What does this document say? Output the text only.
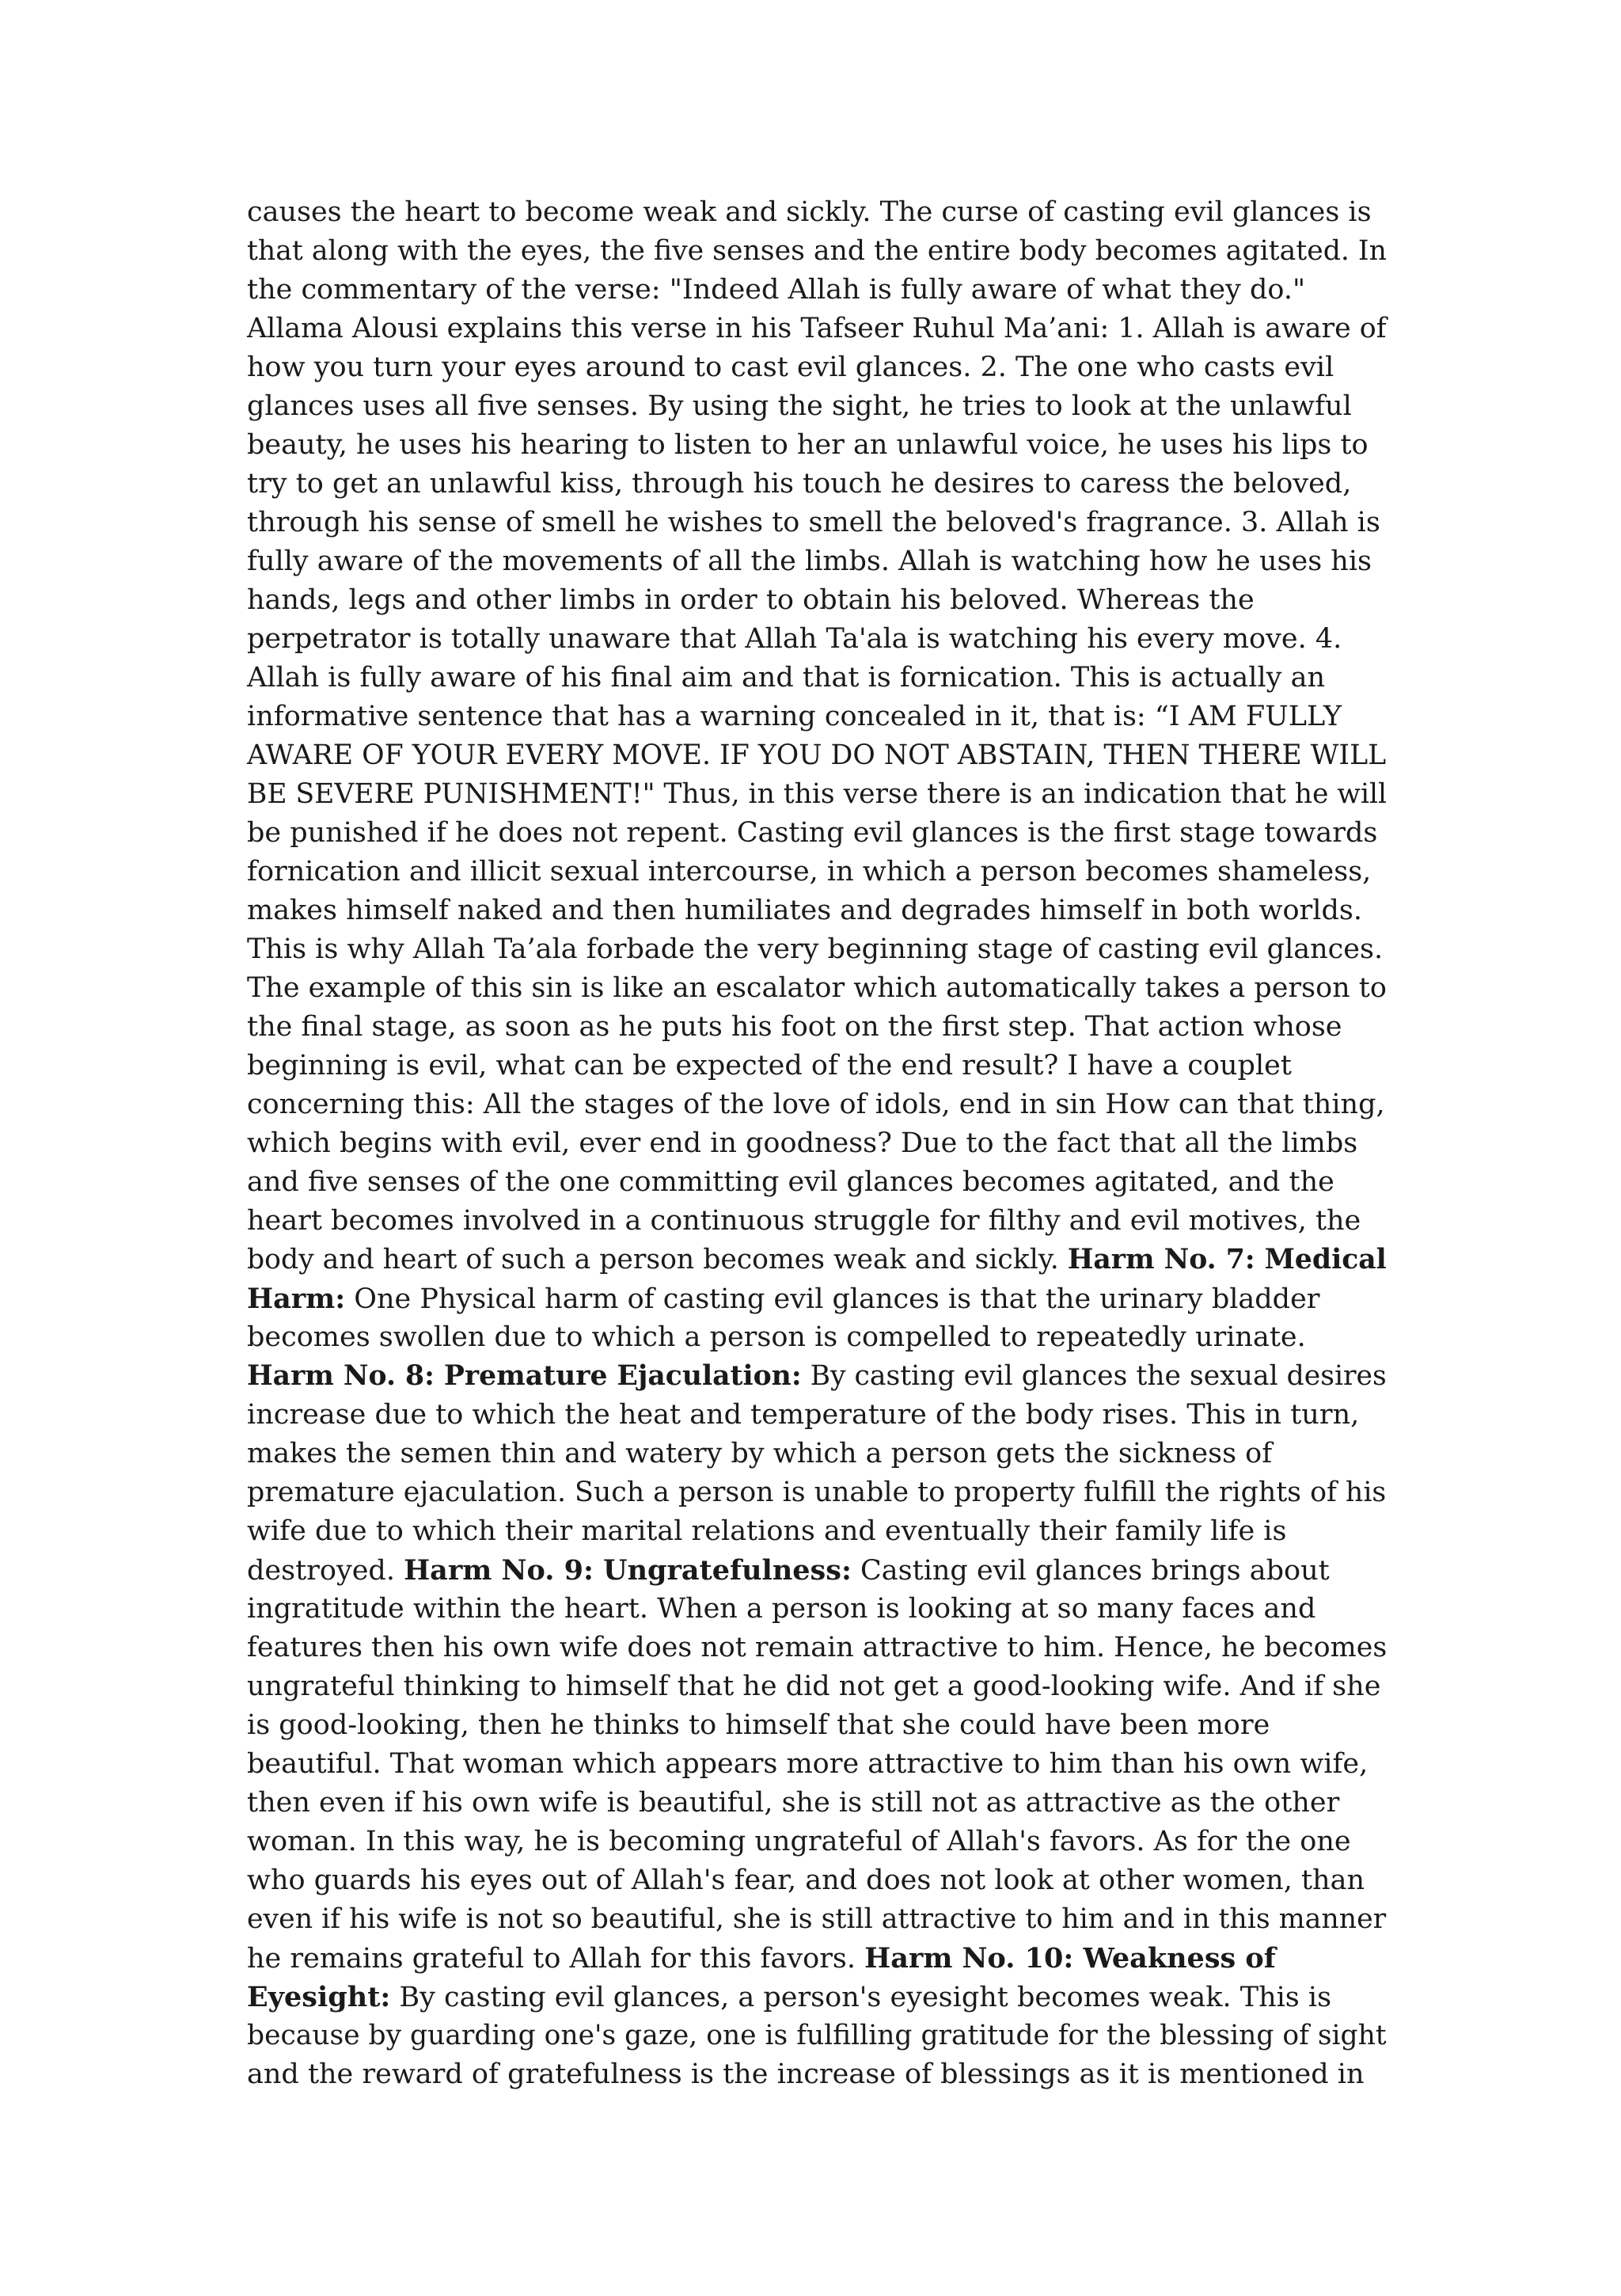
causes the heart to become weak and sickly. The curse of casting evil glances is
that along with the eyes, the five senses and the entire body becomes agitated. In
the commentary of the verse: "Indeed Allah is fully aware of what they do."
Allama Alousi explains this verse in his Tafseer Ruhul Ma’ani: 1. Allah is aware of
how you turn your eyes around to cast evil glances. 2. The one who casts evil
glances uses all five senses. By using the sight, he tries to look at the unlawful
beauty, he uses his hearing to listen to her an unlawful voice, he uses his lips to
try to get an unlawful kiss, through his touch he desires to caress the beloved,
through his sense of smell he wishes to smell the beloved's fragrance. 3. Allah is
fully aware of the movements of all the limbs. Allah is watching how he uses his
hands, legs and other limbs in order to obtain his beloved. Whereas the
perpetrator is totally unaware that Allah Ta'ala is watching his every move. 4.
Allah is fully aware of his final aim and that is fornication. This is actually an
informative sentence that has a warning concealed in it, that is: “I AM FULLY
AWARE OF YOUR EVERY MOVE. IF YOU DO NOT ABSTAIN, THEN THERE WILL
BE SEVERE PUNISHMENT!" Thus, in this verse there is an indication that he will
be punished if he does not repent. Casting evil glances is the first stage towards
fornication and illicit sexual intercourse, in which a person becomes shameless,
makes himself naked and then humiliates and degrades himself in both worlds.
This is why Allah Ta’ala forbade the very beginning stage of casting evil glances.
The example of this sin is like an escalator which automatically takes a person to
the final stage, as soon as he puts his foot on the first step. That action whose
beginning is evil, what can be expected of the end result? I have a couplet
concerning this: All the stages of the love of idols, end in sin How can that thing,
which begins with evil, ever end in goodness? Due to the fact that all the limbs
and five senses of the one committing evil glances becomes agitated, and the
heart becomes involved in a continuous struggle for filthy and evil motives, the
body and heart of such a person becomes weak and sickly. Harm No. 7: Medical
Harm: One Physical harm of casting evil glances is that the urinary bladder
becomes swollen due to which a person is compelled to repeatedly urinate.
Harm No. 8: Premature Ejaculation: By casting evil glances the sexual desires
increase due to which the heat and temperature of the body rises. This in turn,
makes the semen thin and watery by which a person gets the sickness of
premature ejaculation. Such a person is unable to property fulfill the rights of his
wife due to which their marital relations and eventually their family life is
destroyed. Harm No. 9: Ungratefulness: Casting evil glances brings about
ingratitude within the heart. When a person is looking at so many faces and
features then his own wife does not remain attractive to him. Hence, he becomes
ungrateful thinking to himself that he did not get a good-looking wife. And if she
is good-looking, then he thinks to himself that she could have been more
beautiful. That woman which appears more attractive to him than his own wife,
then even if his own wife is beautiful, she is still not as attractive as the other
woman. In this way, he is becoming ungrateful of Allah's favors. As for the one
who guards his eyes out of Allah's fear, and does not look at other women, than
even if his wife is not so beautiful, she is still attractive to him and in this manner
he remains grateful to Allah for this favors. Harm No. 10: Weakness of
Eyesight: By casting evil glances, a person's eyesight becomes weak. This is
because by guarding one's gaze, one is fulfilling gratitude for the blessing of sight
and the reward of gratefulness is the increase of blessings as it is mentioned in
